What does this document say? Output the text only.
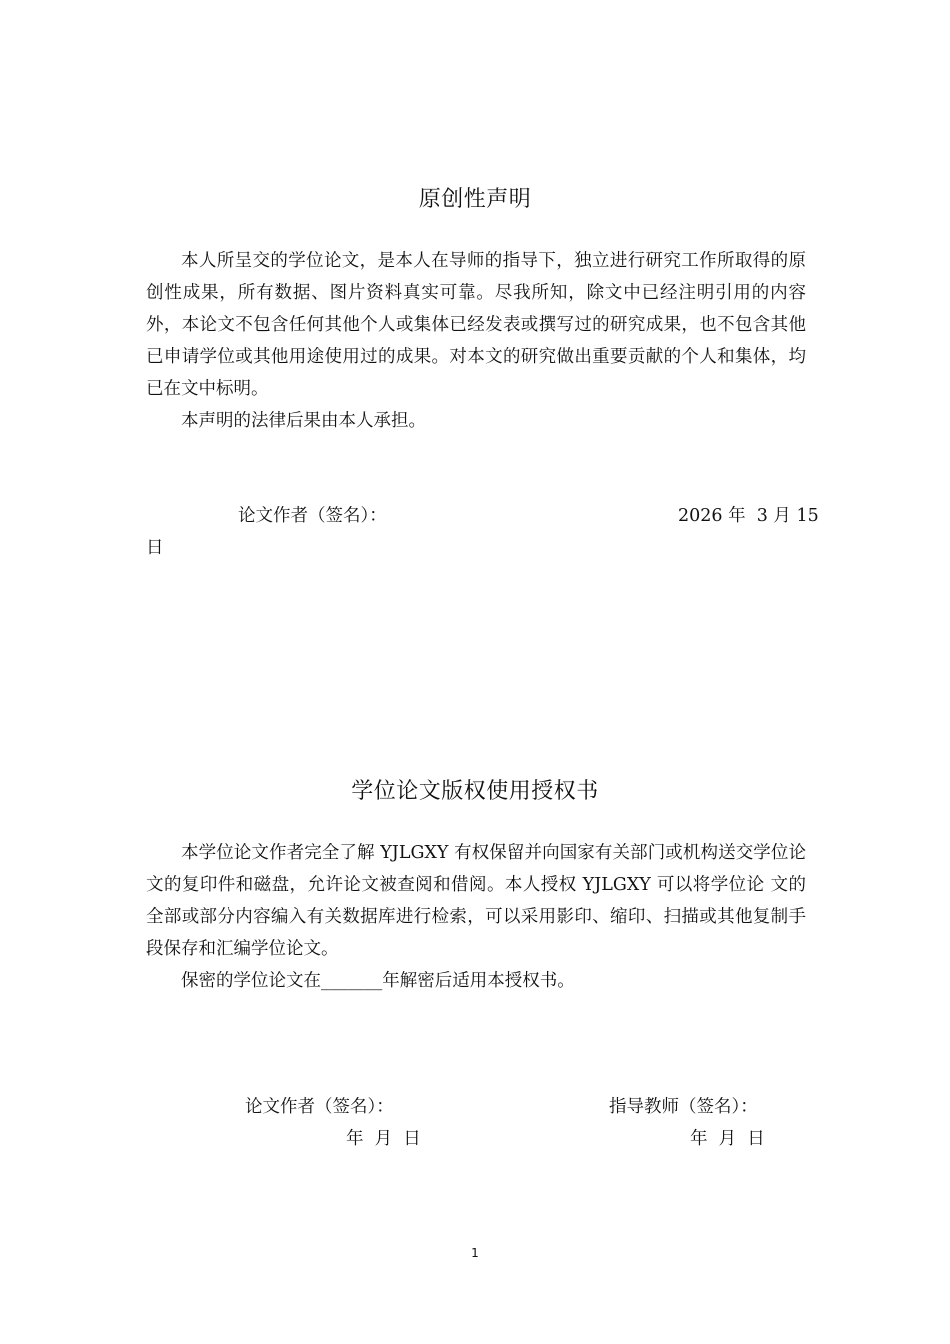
原创性声明

本人所呈交的学位论文，是本人在导师的指导下，独立进行研究工作所取得的原创性成果，所有数据、图片资料真实可靠。尽我所知，除文中已经注明引用的内容外，本论文不包含任何其他个人或集体已经发表或撰写过的研究成果，也不包含其他已申请学位或其他用途使用过的成果。对本文的研究做出重要贡献的个人和集体，均已在文中标明。

本声明的法律后果由本人承担。

论文作者（签名）：	2026 年  3 月 15
日
学位论文版权使用授权书

本学位论文作者完全了解 YJLGXY 有权保留并向国家有关部门或机构送交学位论文的复印件和磁盘，允许论文被查阅和借阅。本人授权 YJLGXY 可以将学位论 文的全部或部分内容编入有关数据库进行检索，可以采用影印、缩印、扫描或其他复制手段保存和汇编学位论文。

保密的学位论文在_______年解密后适用本授权书。

论文作者（签名）：	指导教师（签名）：
年  月  日	年  月  日
1
